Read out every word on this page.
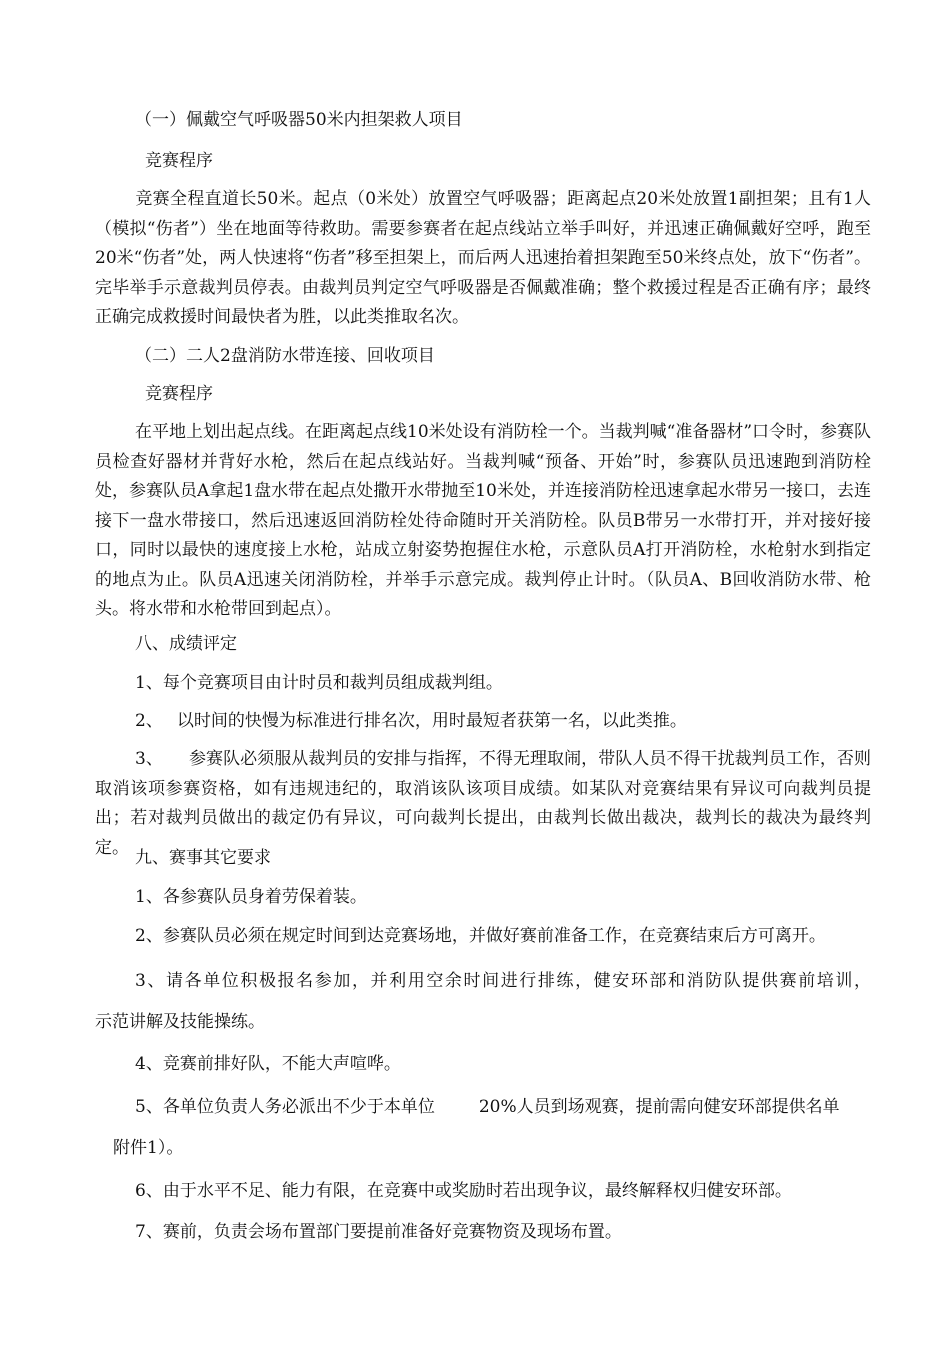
（一）佩戴空气呼吸器50米内担架救人项目
竞赛程序
竞赛全程直道长50米。起点（0米处）放置空气呼吸器；距离起点20米处放置1副担架；且有1人（模拟“伤者”）坐在地面等待救助。需要参赛者在起点线站立举手叫好，并迅速正确佩戴好空呼，跑至20米“伤者”处，两人快速将“伤者”移至担架上，而后两人迅速抬着担架跑至50米终点处，放下“伤者”。完毕举手示意裁判员停表。由裁判员判定空气呼吸器是否佩戴准确；整个救援过程是否正确有序；最终正确完成救援时间最快者为胜，以此类推取名次。
（二）二人2盘消防水带连接、回收项目
竞赛程序
在平地上划出起点线。在距离起点线10米处设有消防栓一个。当裁判喊“准备器材”口令时，参赛队员检查好器材并背好水枪，然后在起点线站好。当裁判喊“预备、开始”时，参赛队员迅速跑到消防栓处，参赛队员A拿起1盘水带在起点处撒开水带抛至10米处，并连接消防栓迅速拿起水带另一接口，去连接下一盘水带接口，然后迅速返回消防栓处待命随时开关消防栓。队员B带另一水带打开，并对接好接口，同时以最快的速度接上水枪，站成立射姿势抱握住水枪，示意队员A打开消防栓，水枪射水到指定的地点为止。队员A迅速关闭消防栓，并举手示意完成。裁判停止计时。（队员A、B回收消防水带、枪头。将水带和水枪带回到起点）。
八、成绩评定
1、每个竞赛项目由计时员和裁判员组成裁判组。
2、 以时间的快慢为标准进行排名次，用时最短者获第一名，以此类推。
3、 参赛队必须服从裁判员的安排与指挥，不得无理取闹，带队人员不得干扰裁判员工作，否则取消该项参赛资格，如有违规违纪的，取消该队该项目成绩。如某队对竞赛结果有异议可向裁判员提出；若对裁判员做出的裁定仍有异议，可向裁判长提出，由裁判长做出裁决，裁判长的裁决为最终判定。
九、赛事其它要求
1、各参赛队员身着劳保着装。
2、参赛队员必须在规定时间到达竞赛场地，并做好赛前准备工作，在竞赛结束后方可离开。
3、请各单位积极报名参加，并利用空余时间进行排练，健安环部和消防队提供赛前培训，
示范讲解及技能操练。
4、竞赛前排好队，不能大声喧哗。
5、各单位负责人务必派出不少于本单位	20%人员到场观赛，提前需向健安环部提供名单
附件1）。
6、由于水平不足、能力有限，在竞赛中或奖励时若出现争议，最终解释权归健安环部。
7、赛前，负责会场布置部门要提前准备好竞赛物资及现场布置。
